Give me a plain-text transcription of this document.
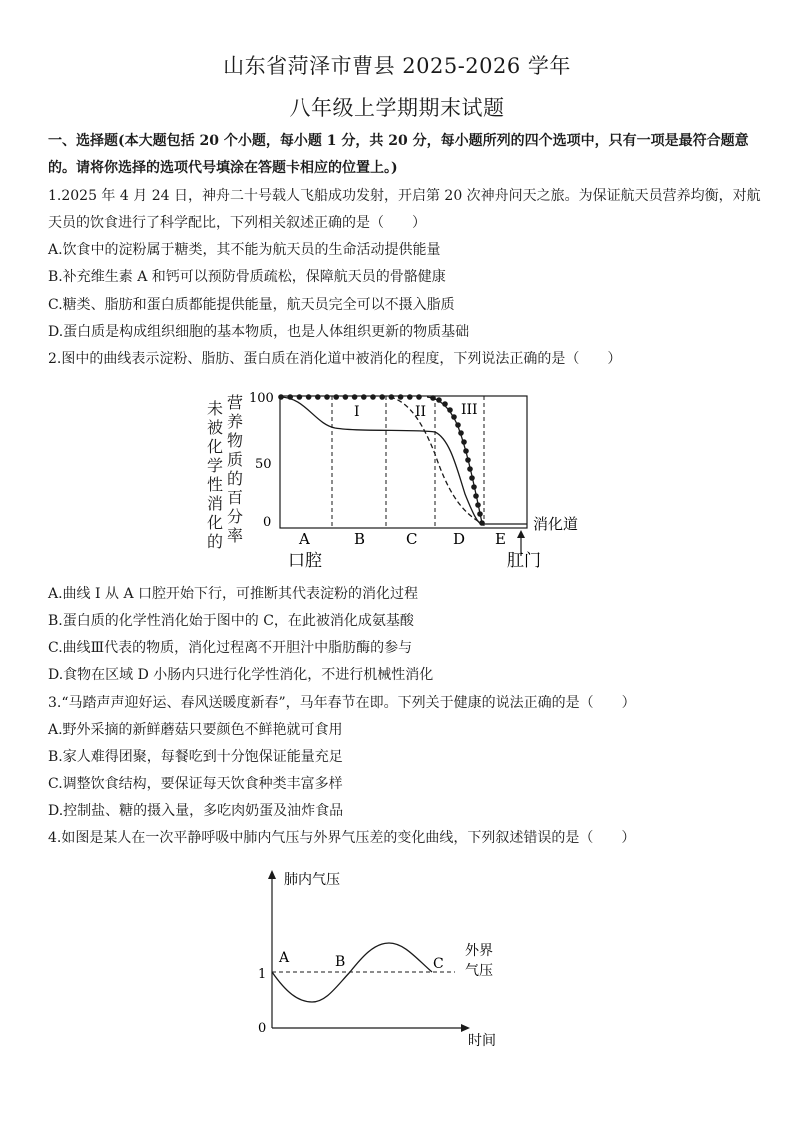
山东省菏泽市曹县 2025-2026 学年
八年级上学期期末试题
一、选择题(本大题包括 20 个小题，每小题 1 分，共 20 分，每小题所列的四个选项中，只有一项是最符合题意
的。请将你选择的选项代号填涂在答题卡相应的位置上。)
1.2025 年 4 月 24 日，神舟二十号载人飞船成功发射，开启第 20 次神舟问天之旅。为保证航天员营养均衡，对航
天员的饮食进行了科学配比，下列相关叙述正确的是（　　）
A.饮食中的淀粉属于糖类，其不能为航天员的生命活动提供能量
B.补充维生素 A 和钙可以预防骨质疏松，保障航天员的骨骼健康
C.糖类、脂肪和蛋白质都能提供能量，航天员完全可以不摄入脂质
D.蛋白质是构成组织细胞的基本物质，也是人体组织更新的物质基础
2.图中的曲线表示淀粉、脂肪、蛋白质在消化道中被消化的程度，下列说法正确的是（　　）
未被化学性消化的
营养物质的百分率
100
50
0
I	II III
A	B	C D E
消化道
口腔	肛门
A.曲线 I 从 A 口腔开始下行，可推断其代表淀粉的消化过程
B.蛋白质的化学性消化始于图中的 C，在此被消化成氨基酸
C.曲线Ⅲ代表的物质，消化过程离不开胆汁中脂肪酶的参与
D.食物在区域 D 小肠内只进行化学性消化，不进行机械性消化
3.“马踏声声迎好运、春风送暖度新春”，马年春节在即。下列关于健康的说法正确的是（　　）
A.野外采摘的新鲜蘑菇只要颜色不鲜艳就可食用
B.家人难得团聚，每餐吃到十分饱保证能量充足
C.调整饮食结构，要保证每天饮食种类丰富多样
D.控制盐、糖的摄入量，多吃肉奶蛋及油炸食品
4.如图是某人在一次平静呼吸中肺内气压与外界气压差的变化曲线，下列叙述错误的是（　　）
肺内气压
时间
1
0
A	B	C
外界
气压
